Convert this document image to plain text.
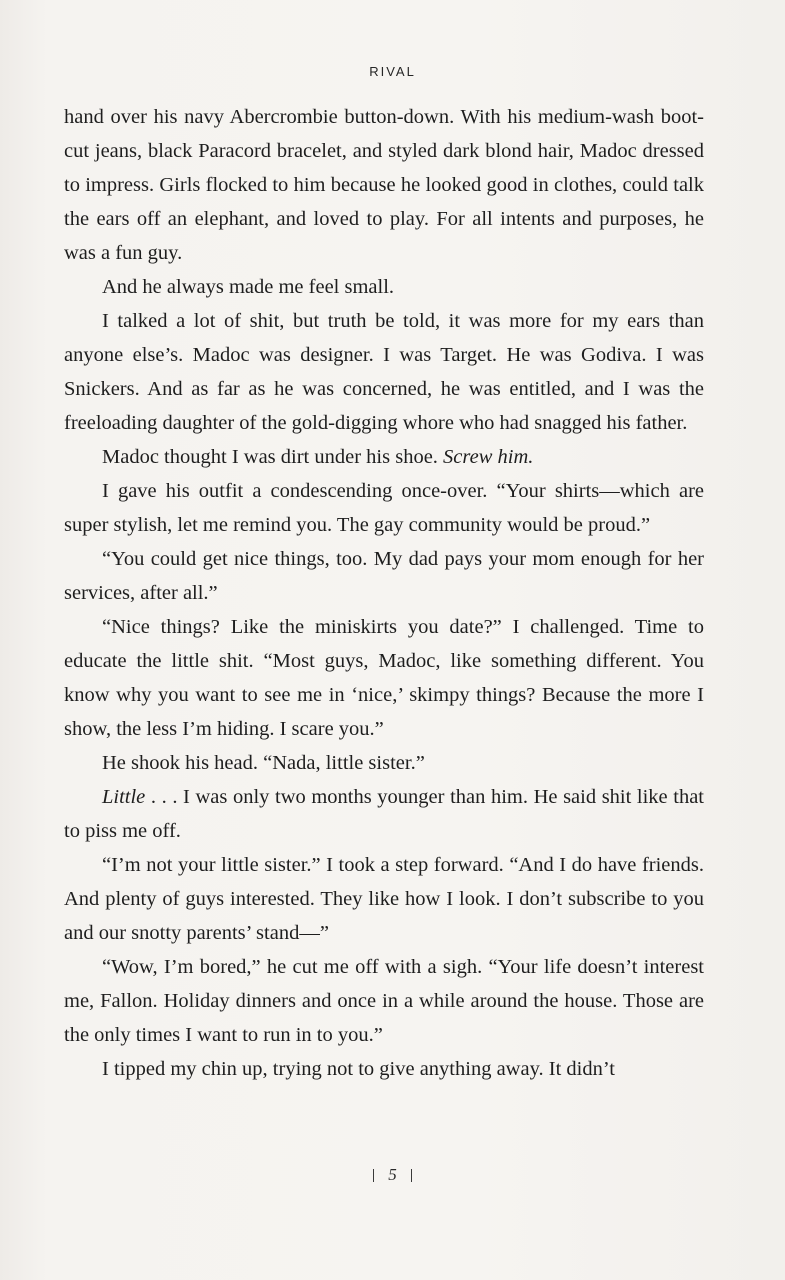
RIVAL

hand over his navy Abercrombie button-down. With his medium-wash boot-cut jeans, black Paracord bracelet, and styled dark blond hair, Madoc dressed to impress. Girls flocked to him because he looked good in clothes, could talk the ears off an elephant, and loved to play. For all intents and purposes, he was a fun guy.

And he always made me feel small.

I talked a lot of shit, but truth be told, it was more for my ears than anyone else’s. Madoc was designer. I was Target. He was Godiva. I was Snickers. And as far as he was concerned, he was entitled, and I was the freeloading daughter of the gold-digging whore who had snagged his father.

Madoc thought I was dirt under his shoe. Screw him.

I gave his outfit a condescending once-over. “Your shirts—which are super stylish, let me remind you. The gay community would be proud.”

“You could get nice things, too. My dad pays your mom enough for her services, after all.”

“Nice things? Like the miniskirts you date?” I challenged. Time to educate the little shit. “Most guys, Madoc, like something different. You know why you want to see me in ‘nice,’ skimpy things? Because the more I show, the less I’m hiding. I scare you.”

He shook his head. “Nada, little sister.”

Little . . . I was only two months younger than him. He said shit like that to piss me off.

“I’m not your little sister.” I took a step forward. “And I do have friends. And plenty of guys interested. They like how I look. I don’t subscribe to you and our snotty parents’ stand—”

“Wow, I’m bored,” he cut me off with a sigh. “Your life doesn’t interest me, Fallon. Holiday dinners and once in a while around the house. Those are the only times I want to run in to you.”

I tipped my chin up, trying not to give anything away. It didn’t

5
